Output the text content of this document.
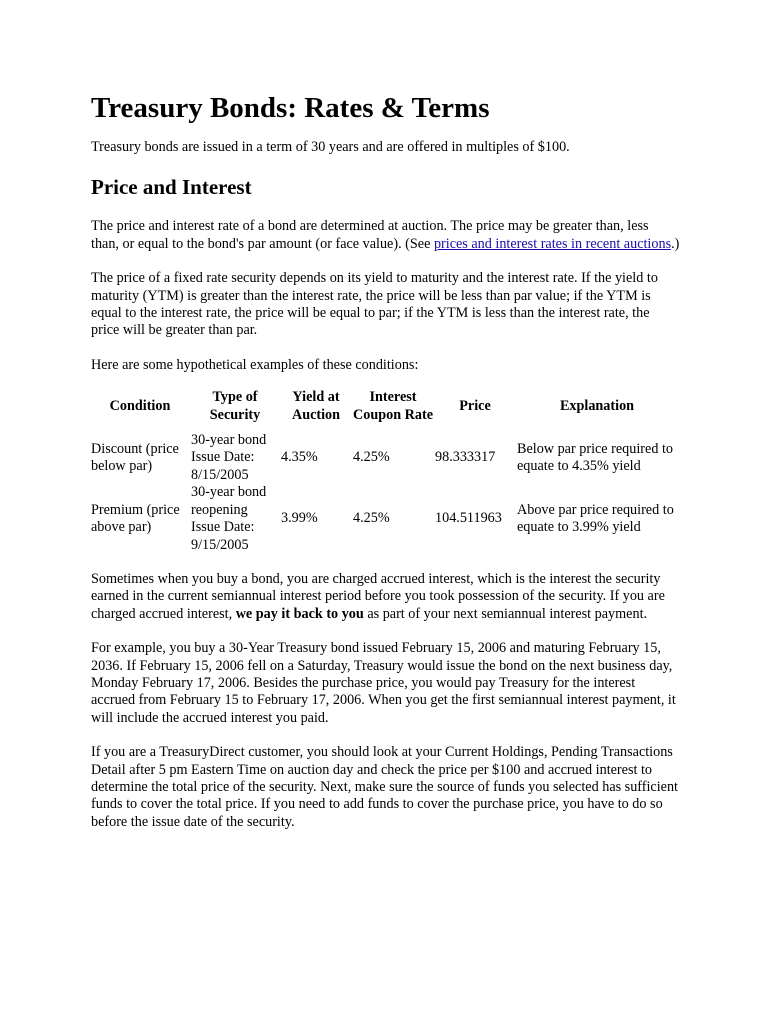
Treasury Bonds: Rates & Terms

Treasury bonds are issued in a term of 30 years and are offered in multiples of $100.

Price and Interest

The price and interest rate of a bond are determined at auction. The price may be greater than, less than, or equal to the bond's par amount (or face value). (See prices and interest rates in recent auctions.)

The price of a fixed rate security depends on its yield to maturity and the interest rate. If the yield to maturity (YTM) is greater than the interest rate, the price will be less than par value; if the YTM is equal to the interest rate, the price will be equal to par; if the YTM is less than the interest rate, the price will be greater than par.

Here are some hypothetical examples of these conditions:

Condition	Type of Security	Yield at Auction	Interest Coupon Rate	Price	Explanation
Discount (price below par)	30-year bond Issue Date: 8/15/2005	4.35%	4.25%	98.333317	Below par price required to equate to 4.35% yield
Premium (price above par)	30-year bond reopening Issue Date: 9/15/2005	3.99%	4.25%	104.511963	Above par price required to equate to 3.99% yield

Sometimes when you buy a bond, you are charged accrued interest, which is the interest the security earned in the current semiannual interest period before you took possession of the security. If you are charged accrued interest, we pay it back to you as part of your next semiannual interest payment.

For example, you buy a 30-Year Treasury bond issued February 15, 2006 and maturing February 15, 2036. If February 15, 2006 fell on a Saturday, Treasury would issue the bond on the next business day, Monday February 17, 2006. Besides the purchase price, you would pay Treasury for the interest accrued from February 15 to February 17, 2006. When you get the first semiannual interest payment, it will include the accrued interest you paid.

If you are a TreasuryDirect customer, you should look at your Current Holdings, Pending Transactions Detail after 5 pm Eastern Time on auction day and check the price per $100 and accrued interest to determine the total price of the security. Next, make sure the source of funds you selected has sufficient funds to cover the total price. If you need to add funds to cover the purchase price, you have to do so before the issue date of the security.
